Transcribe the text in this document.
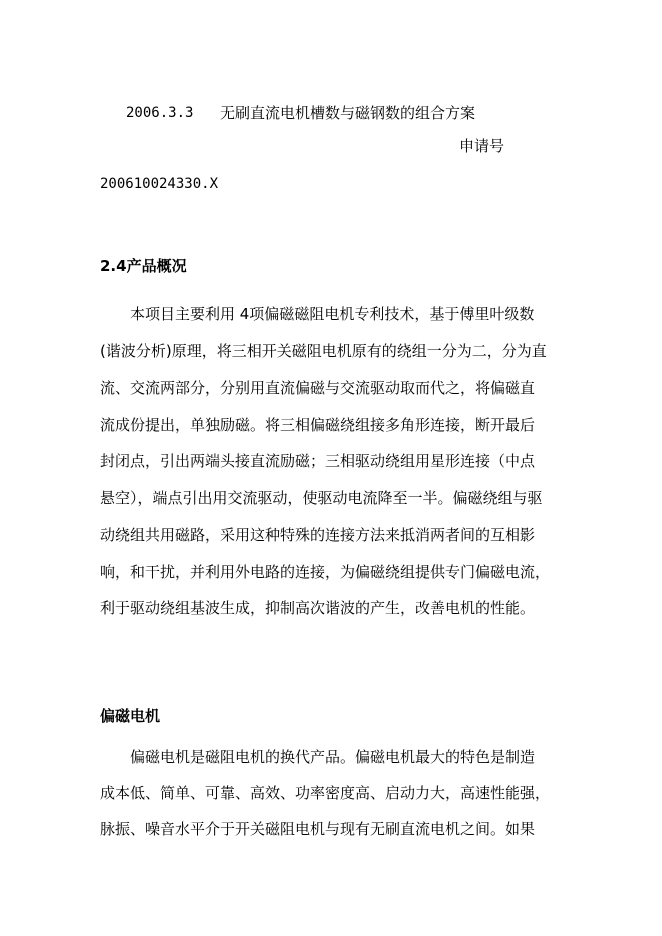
2006.3.3 无刷直流电机槽数与磁钢数的组合方案
申请号
200610024330.X
2.4产品概况
本项目主要利用 4项偏磁磁阻电机专利技术，基于傅里叶级数
(谐波分析)原理，将三相开关磁阻电机原有的绕组一分为二，分为直
流、交流两部分，分别用直流偏磁与交流驱动取而代之，将偏磁直
流成份提出，单独励磁。将三相偏磁绕组接多角形连接，断开最后
封闭点，引出两端头接直流励磁；三相驱动绕组用星形连接（中点
悬空），端点引出用交流驱动，使驱动电流降至一半。偏磁绕组与驱
动绕组共用磁路，采用这种特殊的连接方法来抵消两者间的互相影
响，和干扰，并利用外电路的连接，为偏磁绕组提供专门偏磁电流，
利于驱动绕组基波生成，抑制高次谐波的产生，改善电机的性能。
偏磁电机
偏磁电机是磁阻电机的换代产品。偏磁电机最大的特色是制造
成本低、简单、可靠、高效、功率密度高、启动力大，高速性能强，
脉振、噪音水平介于开关磁阻电机与现有无刷直流电机之间。如果
